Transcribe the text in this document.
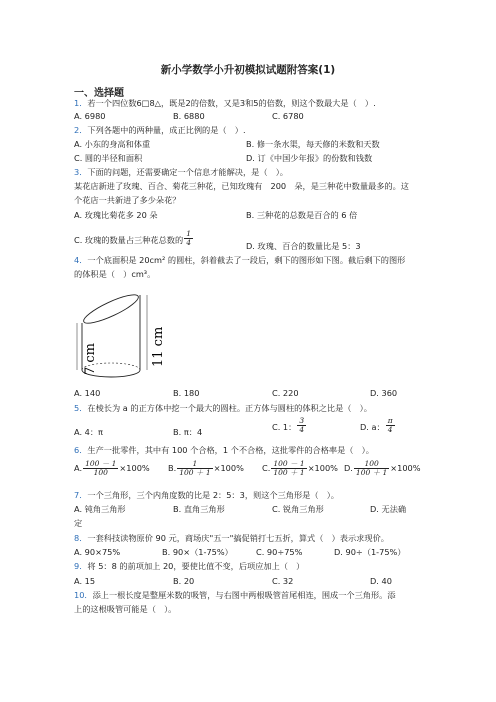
新小学数学小升初模拟试题附答案(1)
一、选择题
1．若一个四位数6□8△，既是2的倍数，又是3和5的倍数，则这个数最大是（　）.
A. 6980	B. 6880	C. 6780
2．下列各题中的两种量，成正比例的是（　）.
A. 小东的身高和体重	B. 修一条水渠，每天修的米数和天数
C. 圆的半径和面积	D. 订《中国少年报》的份数和钱数
3．下面的问题，还需要确定一个信息才能解决，是（　）。
某花店新进了玫瑰、百合、菊花三种花，已知玫瑰有　200　朵，是三种花中数量最多的。这
个花店一共新进了多少朵花？
A. 玫瑰比菊花多 20 朵	B. 三种花的总数是百合的 6 倍
C. 玫瑰的数量占三种花总数的 $\frac{1}{4}$	D. 玫瑰、百合的数量比是 5：3
4．一个底面积是 20cm² 的圆柱，斜着截去了一段后，剩下的图形如下图。截后剩下的图形
的体积是（　）cm³。
7 cm	11 cm
A. 140	B. 180	C. 220	D. 360
5．在棱长为 a 的正方体中挖一个最大的圆柱。正方体与圆柱的体积之比是（　）。
A. 4：π	B. π：4	C. 1： $\frac{3}{4}$	D. a： $\frac{\pi}{4}$
6．生产一批零件，其中有 100 个合格，1 个不合格，这批零件的合格率是（　）。
A. $\frac{100 - 1}{100} \times 100\%$ B. $\frac{1}{100 + 1} \times 100\%$ C. $\frac{100 - 1}{100 + 1} \times 100\%$ D. $\frac{100}{100 + 1} \times 100\%$
7．一个三角形，三个内角度数的比是 2：5：3，则这个三角形是（　）。
A. 钝角三角形	B. 直角三角形	C. 锐角三角形	D. 无法确
定
8．一套科技读物原价 90 元，商场庆"五一"搞促销打七五折，算式（　）表示求现价。
A. 90×75%	B. 90×（1-75%）	C. 90÷75%	D. 90÷（1-75%）
9．将 5：8 的前项加上 20，要使比值不变，后项应加上（　）
A. 15	B. 20	C. 32	D. 40
10．添上一根长度是整厘米数的吸管，与右图中两根吸管首尾相连，围成一个三角形。添
上的这根吸管可能是（　）。
